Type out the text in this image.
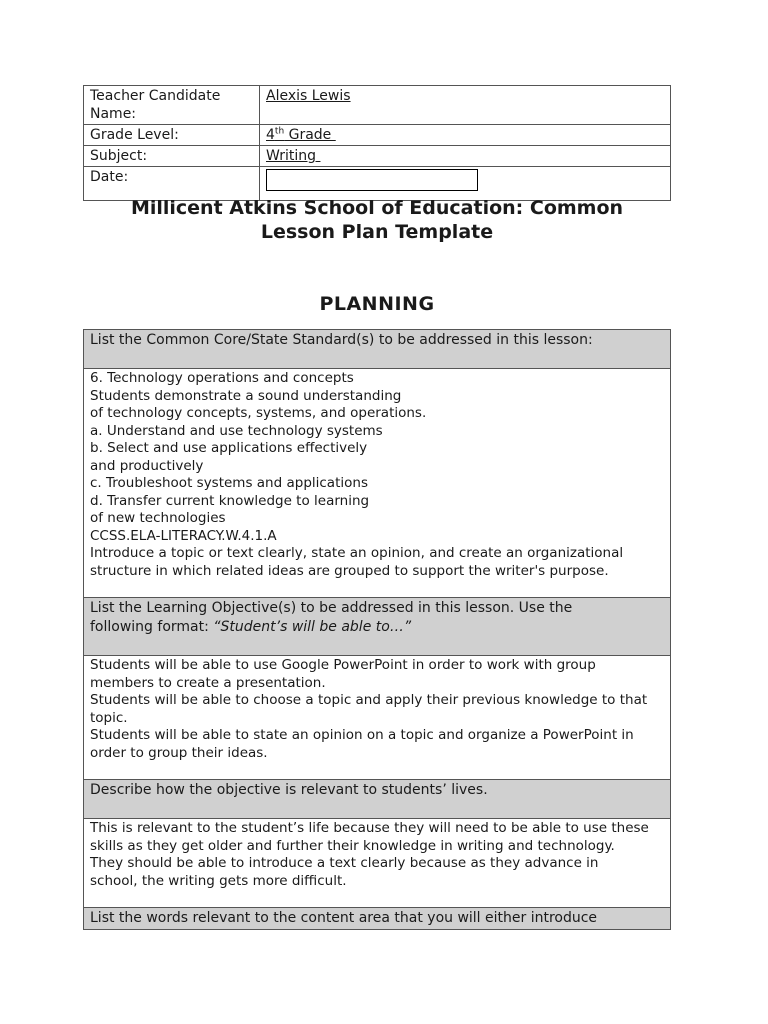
Teacher Candidate
Name:	Alexis Lewis
Grade Level:	4th Grade
Subject:	Writing
Date:	
Millicent Atkins School of Education: Common
Lesson Plan Template
PLANNING
List the Common Core/State Standard(s) to be addressed in this lesson:

6. Technology operations and concepts
Students demonstrate a sound understanding
of technology concepts, systems, and operations.
a. Understand and use technology systems
b. Select and use applications effectively
and productively
c. Troubleshoot systems and applications
d. Transfer current knowledge to learning
of new technologies
CCSS.ELA-LITERACY.W.4.1.A
Introduce a topic or text clearly, state an opinion, and create an organizational
structure in which related ideas are grouped to support the writer's purpose.

List the Learning Objective(s) to be addressed in this lesson. Use the
following format: “Student’s will be able to…”

Students will be able to use Google PowerPoint in order to work with group
members to create a presentation.
Students will be able to choose a topic and apply their previous knowledge to that
topic.
Students will be able to state an opinion on a topic and organize a PowerPoint in
order to group their ideas.

Describe how the objective is relevant to students’ lives.

This is relevant to the student’s life because they will need to be able to use these
skills as they get older and further their knowledge in writing and technology.
They should be able to introduce a text clearly because as they advance in
school, the writing gets more difficult.

List the words relevant to the content area that you will either introduce
